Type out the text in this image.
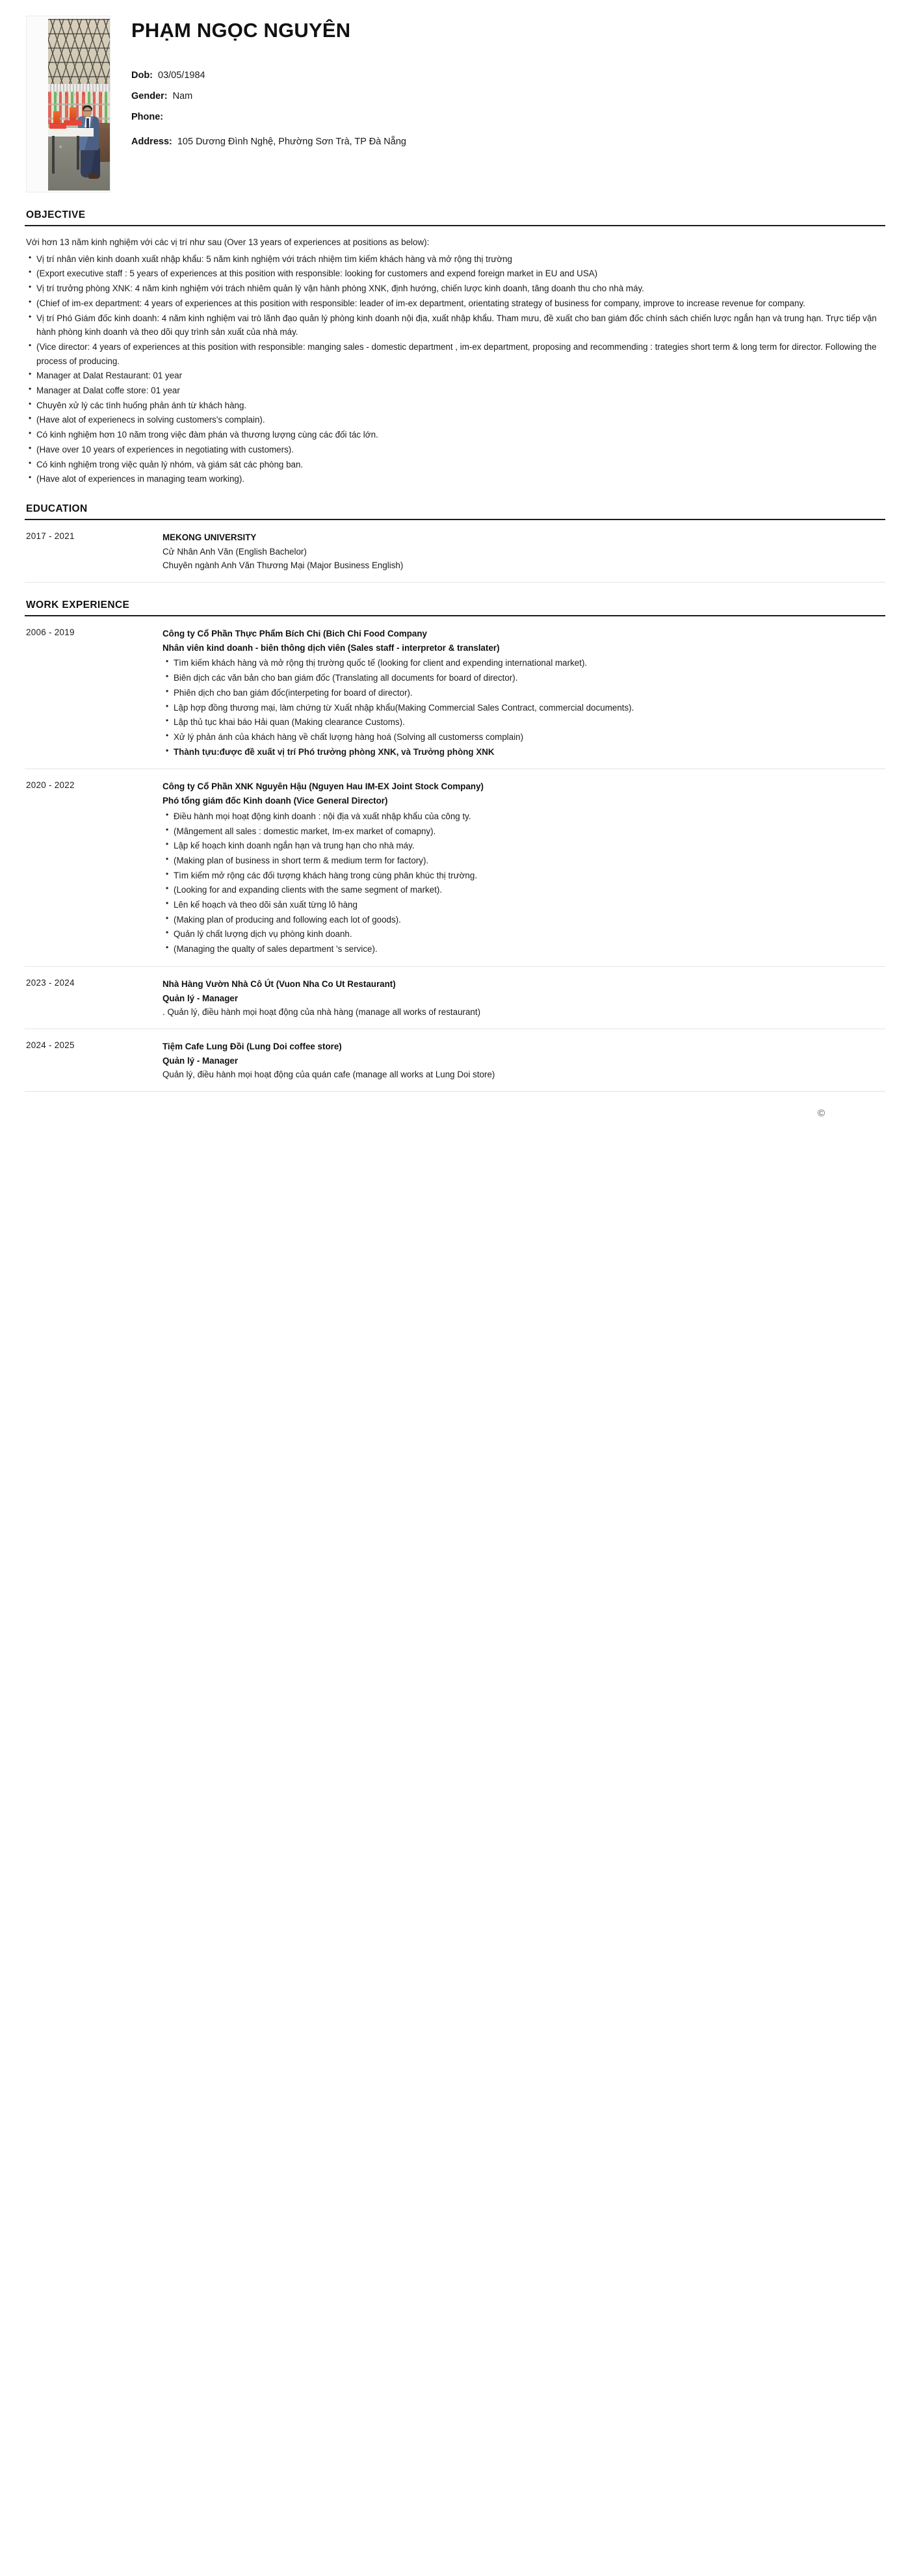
PHẠM NGỌC NGUYÊN
Dob: 03/05/1984
Gender: Nam
Phone:
Address: 105 Dương Đình Nghệ, Phường Sơn Trà, TP Đà Nẵng
OBJECTIVE

Với hơn 13 năm kinh nghiệm với các vị trí như sau (Over 13 years of experiences at positions as below):

• Vị trí nhân viên kinh doanh xuất nhập khẩu: 5 năm kinh nghiệm với trách nhiệm tìm kiếm khách hàng và mở rộng thị trường
• (Export executive staff : 5 years of experiences at this position with responsible: looking for customers and expend foreign market in EU and USA)
• Vị trí trưởng phòng XNK: 4 năm kinh nghiệm với trách nhiêm quản lý vận hành phòng XNK, định hướng, chiến lược kinh doanh, tăng doanh thu cho nhà máy.
• (Chief of im-ex department: 4 years of experiences at this position with responsible: leader of im-ex department, orientating strategy of business for company, improve to increase revenue for company.
• Vị trí Phó Giám đốc kinh doanh: 4 năm kinh nghiệm vai trò lãnh đạo quản lý phòng kinh doanh nội địa, xuất nhập khẩu. Tham mưu, đề xuất cho ban giám đốc chính sách chiến lược ngắn hạn và trung hạn. Trực tiếp vận hành phòng kinh doanh và theo dõi quy trình sản xuất của nhà máy.
• (Vice director: 4 years of experiences at this position with responsible: manging sales - domestic department , im-ex department, proposing and recommending : trategies short term & long term for director. Following the process of producing.
• Manager at Dalat Restaurant: 01 year
• Manager at Dalat coffe store: 01 year
• Chuyên xử lý các tình huống phản ánh từ khách hàng.
• (Have alot of experienecs in solving customers's complain).
• Có kinh nghiệm hơn 10 năm trong việc đàm phán và thương lượng cùng các đối tác lớn.
• (Have over 10 years of experiences in negotiating with customers).
• Có kinh nghiệm trong việc quản lý nhóm, và giám sát các phòng ban.
• (Have alot of experiences in managing team working).
EDUCATION
2017 - 2021	MEKONG UNIVERSITY
Cử Nhân Anh Văn (English Bachelor)
Chuyên ngành Anh Văn Thương Mại (Major Business English)
WORK EXPERIENCE
2006 - 2019	Công ty Cổ Phần Thực Phẩm Bích Chi (Bich Chi Food Company
Nhân viên kind doanh - biên thông dịch viên (Sales staff - interpretor & translater)
• Tìm kiếm khách hàng và mở rộng thị trường quốc tế (looking for client and expending international market).
• Biên dịch các văn bản cho ban giám đốc (Translating all documents for board of director).
• Phiên dịch cho ban giám đốc(interpeting for board of director).
• Lập hợp đồng thương mại, làm chứng từ Xuất nhập khẩu(Making Commercial Sales Contract, commercial documents).
• Lập thủ tục khai báo Hải quan (Making clearance Customs).
• Xử lý phản ánh của khách hàng về chất lượng hàng hoá (Solving all customerss complain)
• Thành tựu:được đề xuất vị trí Phó trưởng phòng XNK, và Trưởng phòng XNK
2020 - 2022	Công ty Cổ Phần XNK Nguyên Hậu (Nguyen Hau IM-EX Joint Stock Company)
Phó tổng giám đốc Kinh doanh (Vice General Director)
• Điều hành mọi hoạt động kinh doanh : nội địa và xuất nhập khẩu của công ty.
• (Mângement all sales : domestic market, Im-ex market of comapny).
• Lập kế hoạch kinh doanh ngắn hạn và trung hạn cho nhà máy.
• (Making plan of business in short term & medium term for factory).
• Tìm kiếm mở rộng các đối tượng khách hàng trong cùng phân khúc thị trường.
• (Looking for and expanding clients with the same segment of market).
• Lên kế hoạch và theo dõi sản xuất từng lô hàng
• (Making plan of producing and following each lot of goods).
• Quản lý chất lượng dịch vụ phòng kinh doanh.
• (Managing the qualty of sales department 's service).
2023 - 2024	Nhà Hàng Vườn Nhà Cô Út (Vuon Nha Co Ut Restaurant)
Quản lý - Manager
. Quản lý, điều hành mọi hoạt động của nhà hàng (manage all works of restaurant)
2024 - 2025	Tiệm Cafe Lung Đồi (Lung Doi coffee store)
Quản lý - Manager
Quản lý, điều hành mọi hoạt động của quán cafe (manage all works at Lung Doi store)
©
